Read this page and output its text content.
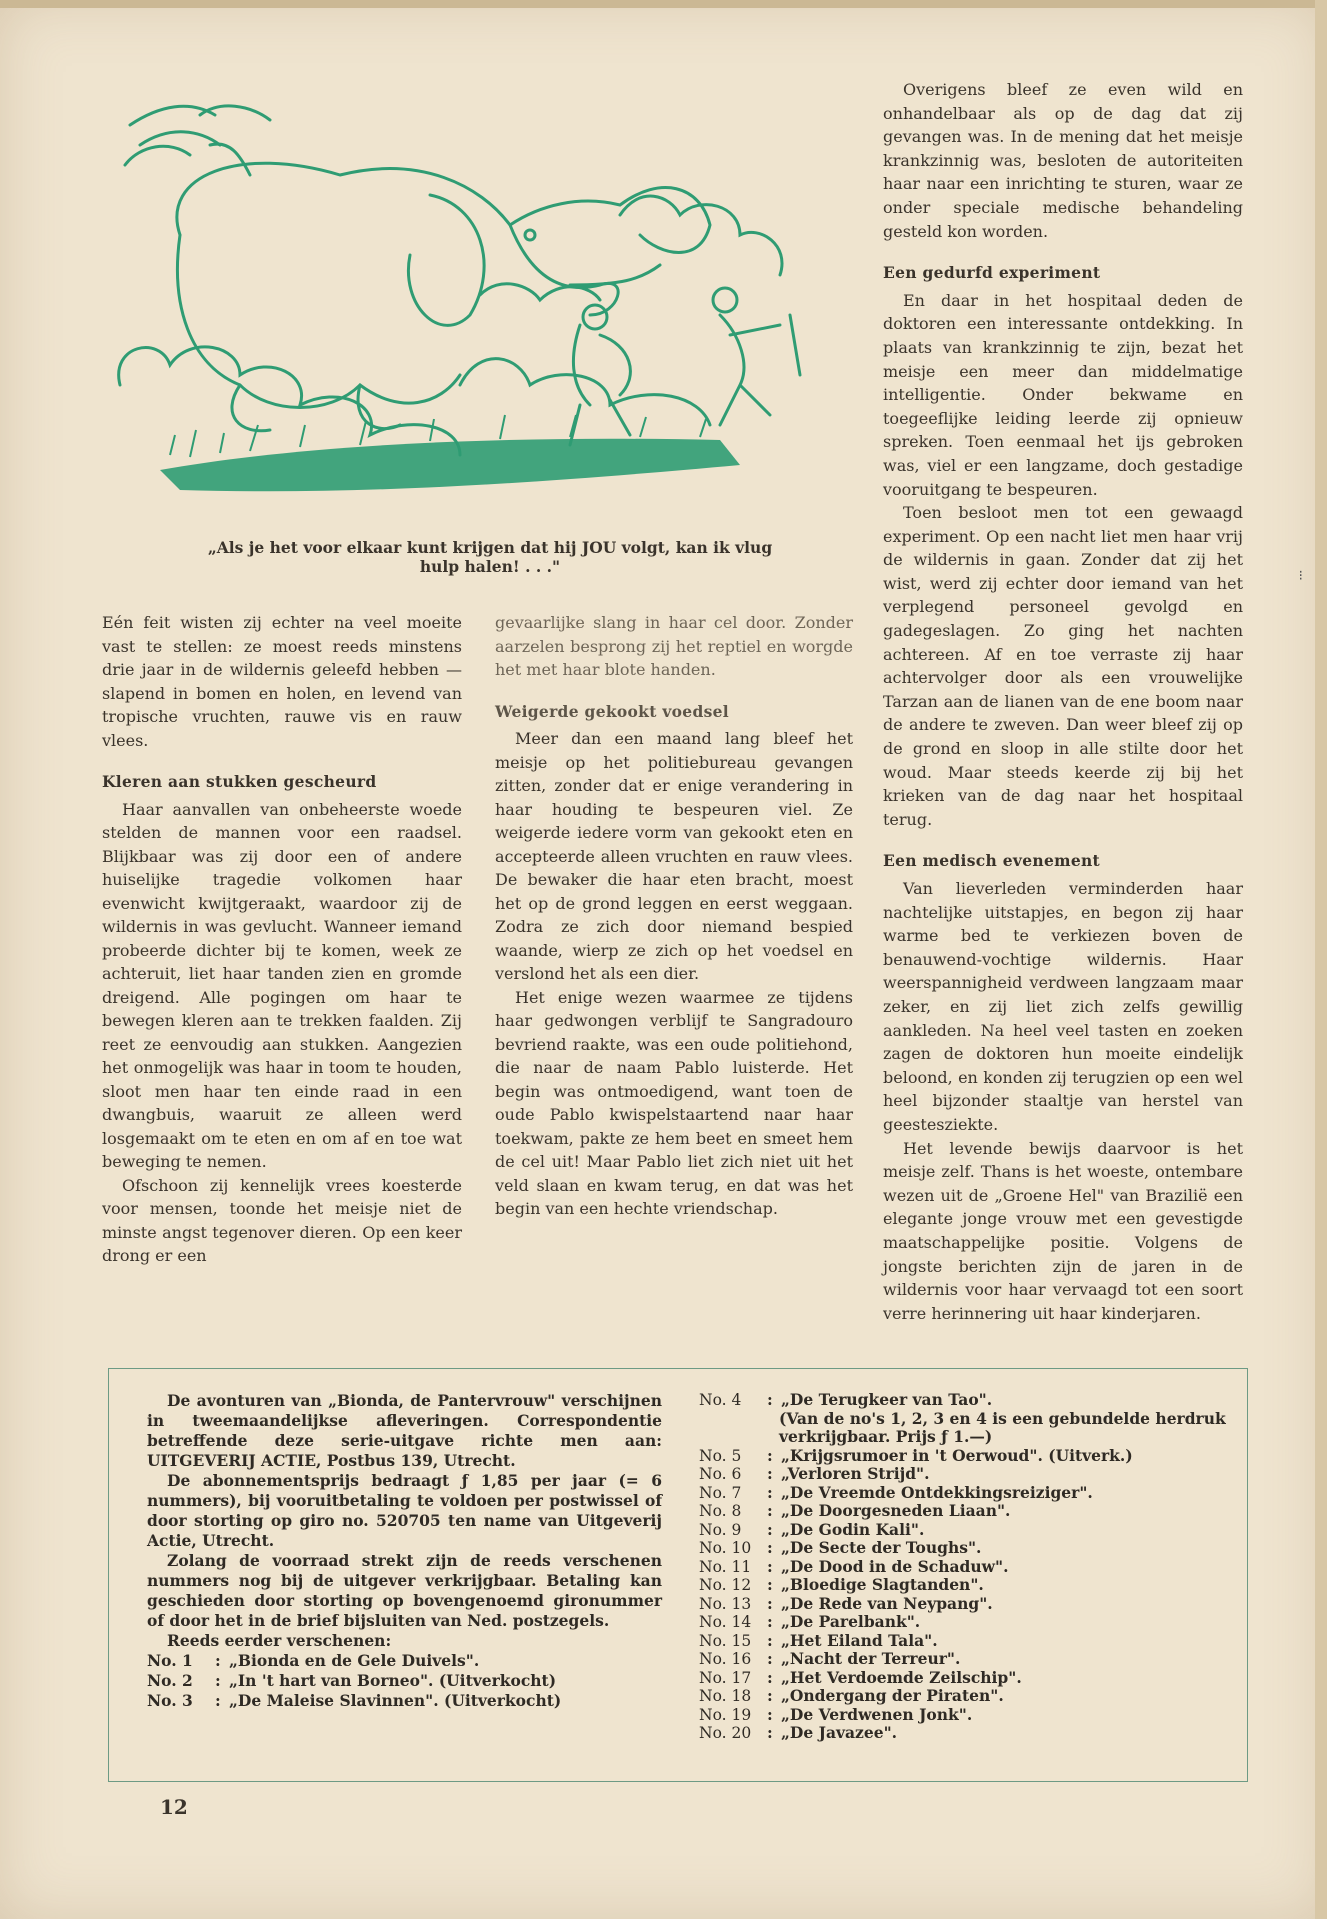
„Als je het voor elkaar kunt krijgen dat hij JOU volgt, kan ik vlug
hulp halen! . . ."

Eén feit wisten zij echter na veel moeite vast te stellen: ze moest reeds minstens drie jaar in de wildernis geleefd hebben — slapend in bomen en holen, en levend van tropische vruchten, rauwe vis en rauw vlees.

Kleren aan stukken gescheurd

Haar aanvallen van onbeheerste woede stelden de mannen voor een raadsel. Blijkbaar was zij door een of andere huiselijke tragedie volkomen haar evenwicht kwijtgeraakt, waardoor zij de wildernis in was gevlucht. Wanneer iemand probeerde dichter bij te komen, week ze achteruit, liet haar tanden zien en gromde dreigend. Alle pogingen om haar te bewegen kleren aan te trekken faalden. Zij reet ze eenvoudig aan stukken. Aangezien het onmogelijk was haar in toom te houden, sloot men haar ten einde raad in een dwangbuis, waaruit ze alleen werd losgemaakt om te eten en om af en toe wat beweging te nemen.

Ofschoon zij kennelijk vrees koesterde voor mensen, toonde het meisje niet de minste angst tegenover dieren. Op een keer drong er een

gevaarlijke slang in haar cel door. Zonder aarzelen besprong zij het reptiel en worgde het met haar blote handen.

Weigerde gekookt voedsel

Meer dan een maand lang bleef het meisje op het politiebureau gevangen zitten, zonder dat er enige verandering in haar houding te bespeuren viel. Ze weigerde iedere vorm van gekookt eten en accepteerde alleen vruchten en rauw vlees. De bewaker die haar eten bracht, moest het op de grond leggen en eerst weggaan. Zodra ze zich door niemand bespied waande, wierp ze zich op het voedsel en verslond het als een dier.

Het enige wezen waarmee ze tijdens haar gedwongen verblijf te Sangradouro bevriend raakte, was een oude politiehond, die naar de naam Pablo luisterde. Het begin was ontmoedigend, want toen de oude Pablo kwispelstaartend naar haar toekwam, pakte ze hem beet en smeet hem de cel uit! Maar Pablo liet zich niet uit het veld slaan en kwam terug, en dat was het begin van een hechte vriendschap.

Overigens bleef ze even wild en onhandelbaar als op de dag dat zij gevangen was. In de mening dat het meisje krankzinnig was, besloten de autoriteiten haar naar een inrichting te sturen, waar ze onder speciale medische behandeling gesteld kon worden.

Een gedurfd experiment

En daar in het hospitaal deden de doktoren een interessante ontdekking. In plaats van krankzinnig te zijn, bezat het meisje een meer dan middelmatige intelligentie. Onder bekwame en toegeeflijke leiding leerde zij opnieuw spreken. Toen eenmaal het ijs gebroken was, viel er een langzame, doch gestadige vooruitgang te bespeuren.

Toen besloot men tot een gewaagd experiment. Op een nacht liet men haar vrij de wildernis in gaan. Zonder dat zij het wist, werd zij echter door iemand van het verplegend personeel gevolgd en gadegeslagen. Zo ging het nachten achtereen. Af en toe verraste zij haar achtervolger door als een vrouwelijke Tarzan aan de lianen van de ene boom naar de andere te zweven. Dan weer bleef zij op de grond en sloop in alle stilte door het woud. Maar steeds keerde zij bij het krieken van de dag naar het hospitaal terug.

Een medisch evenement

Van lieverleden verminderden haar nachtelijke uitstapjes, en begon zij haar warme bed te verkiezen boven de benauwend-vochtige wildernis. Haar weerspannigheid verdween langzaam maar zeker, en zij liet zich zelfs gewillig aankleden. Na heel veel tasten en zoeken zagen de doktoren hun moeite eindelijk beloond, en konden zij terugzien op een wel heel bijzonder staaltje van herstel van geestesziekte.

Het levende bewijs daarvoor is het meisje zelf. Thans is het woeste, ontembare wezen uit de „Groene Hel" van Brazilië een elegante jonge vrouw met een gevestigde maatschappelijke positie. Volgens de jongste berichten zijn de jaren in de wildernis voor haar vervaagd tot een soort verre herinnering uit haar kinderjaren.

⁝

De avonturen van „Bionda, de Pantervrouw" verschijnen in tweemaandelijkse afleveringen. Correspondentie betreffende deze serie-uitgave richte men aan: UITGEVERIJ ACTIE, Postbus 139, Utrecht.

De abonnementsprijs bedraagt ƒ 1,85 per jaar (= 6 nummers), bij vooruitbetaling te voldoen per postwissel of door storting op giro no. 520705 ten name van Uitgeverij Actie, Utrecht.

Zolang de voorraad strekt zijn de reeds verschenen nummers nog bij de uitgever verkrijgbaar. Betaling kan geschieden door storting op bovengenoemd gironummer of door het in de brief bijsluiten van Ned. postzegels.

Reeds eerder verschenen:

No. 1	: „Bionda en de Gele Duivels".
No. 2	: „In 't hart van Borneo". (Uitverkocht)
No. 3	: „De Maleise Slavinnen". (Uitverkocht)
No. 4	: „De Terugkeer van Tao".
(Van de no's 1, 2, 3 en 4 is een gebundelde herdruk verkrijgbaar. Prijs ƒ 1.—)
No. 5	: „Krijgsrumoer in 't Oerwoud". (Uitverk.)
No. 6	: „Verloren Strijd".
No. 7	: „De Vreemde Ontdekkingsreiziger".
No. 8	: „De Doorgesneden Liaan".
No. 9	: „De Godin Kali".
No. 10	: „De Secte der Toughs".
No. 11	: „De Dood in de Schaduw".
No. 12	: „Bloedige Slagtanden".
No. 13	: „De Rede van Neypang".
No. 14	: „De Parelbank".
No. 15	: „Het Eiland Tala".
No. 16	: „Nacht der Terreur".
No. 17	: „Het Verdoemde Zeilschip".
No. 18	: „Ondergang der Piraten".
No. 19	: „De Verdwenen Jonk".
No. 20	: „De Javazee".
12
